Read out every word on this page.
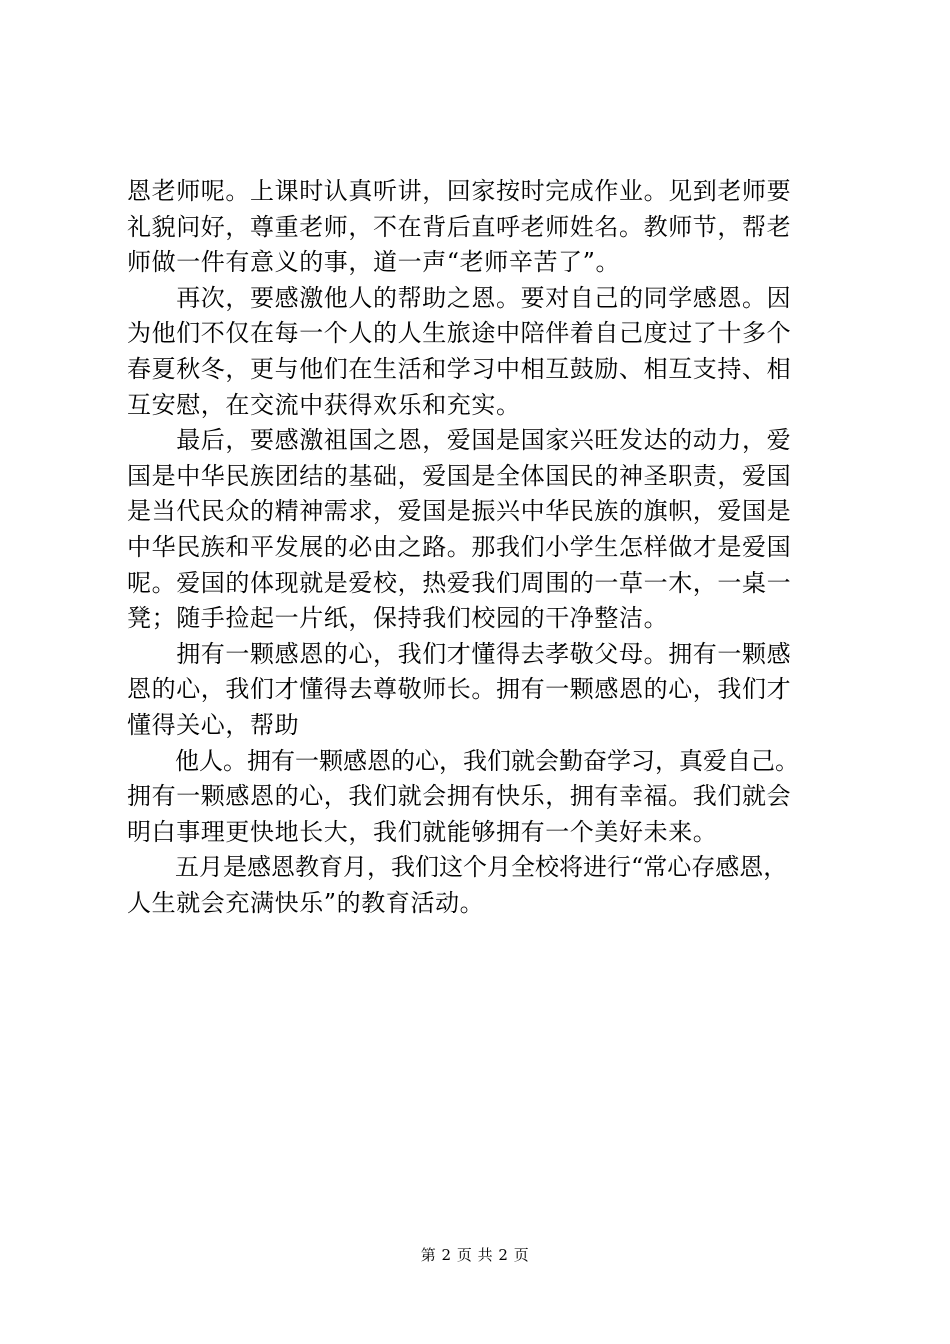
恩老师呢。上课时认真听讲，回家按时完成作业。见到老师要
礼貌问好，尊重老师，不在背后直呼老师姓名。教师节，帮老
师做一件有意义的事，道一声“老师辛苦了”。
　　再次，要感激他人的帮助之恩。要对自己的同学感恩。因
为他们不仅在每一个人的人生旅途中陪伴着自己度过了十多个
春夏秋冬，更与他们在生活和学习中相互鼓励、相互支持、相
互安慰，在交流中获得欢乐和充实。
　　最后，要感激祖国之恩，爱国是国家兴旺发达的动力，爱
国是中华民族团结的基础，爱国是全体国民的神圣职责，爱国
是当代民众的精神需求，爱国是振兴中华民族的旗帜，爱国是
中华民族和平发展的必由之路。那我们小学生怎样做才是爱国
呢。爱国的体现就是爱校，热爱我们周围的一草一木，一桌一
凳；随手捡起一片纸，保持我们校园的干净整洁。
　　拥有一颗感恩的心，我们才懂得去孝敬父母。拥有一颗感
恩的心，我们才懂得去尊敬师长。拥有一颗感恩的心，我们才
懂得关心，帮助
　　他人。拥有一颗感恩的心，我们就会勤奋学习，真爱自己。
拥有一颗感恩的心，我们就会拥有快乐，拥有幸福。我们就会
明白事理更快地长大，我们就能够拥有一个美好未来。
　　五月是感恩教育月，我们这个月全校将进行“常心存感恩，
人生就会充满快乐”的教育活动。
第 2 页 共 2 页
